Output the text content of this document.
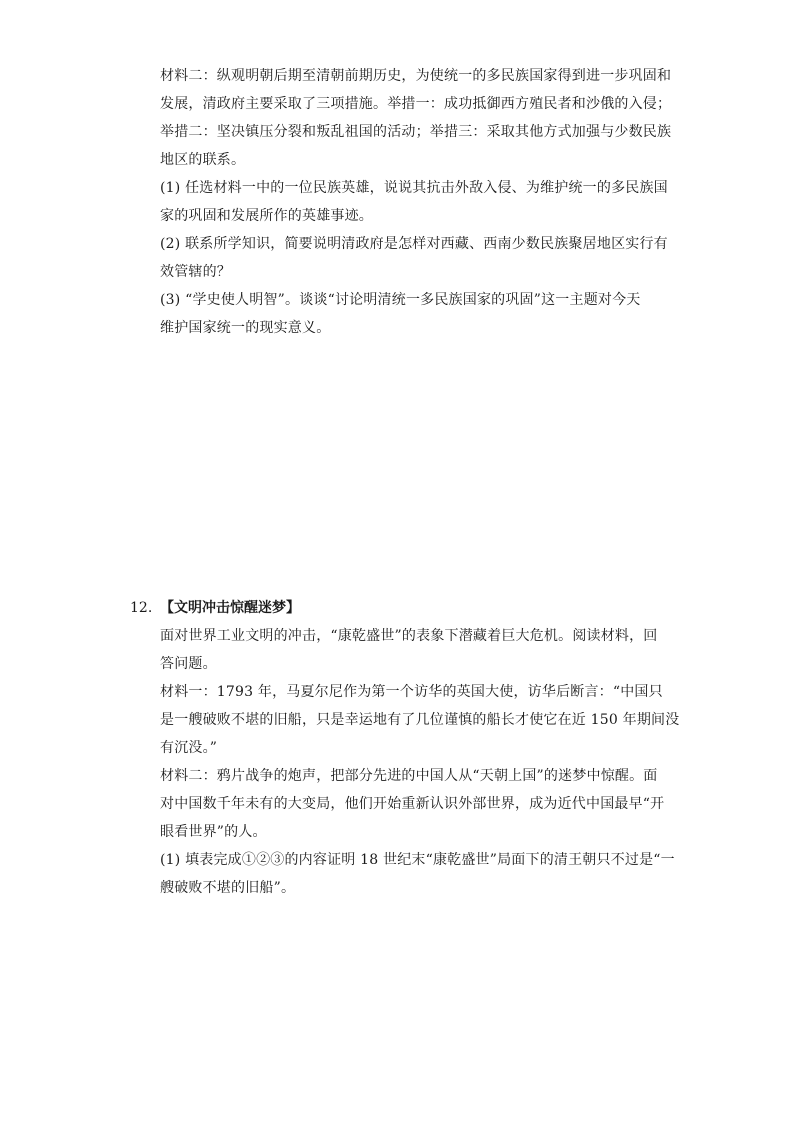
材料二：纵观明朝后期至清朝前期历史，为使统一的多民族国家得到进一步巩固和
发展，清政府主要采取了三项措施。举措一：成功抵御西方殖民者和沙俄的入侵；
举措二：坚决镇压分裂和叛乱祖国的活动；举措三：采取其他方式加强与少数民族
地区的联系。
(1) 任选材料一中的一位民族英雄，说说其抗击外敌入侵、为维护统一的多民族国
家的巩固和发展所作的英雄事迹。
(2) 联系所学知识，简要说明清政府是怎样对西藏、西南少数民族聚居地区实行有
效管辖的？
(3) “学史使人明智”。谈谈“讨论明清统一多民族国家的巩固”这一主题对今天
维护国家统一的现实意义。
12. 【文明冲击惊醒迷梦】
面对世界工业文明的冲击，“康乾盛世”的表象下潜藏着巨大危机。阅读材料，回
答问题。
材料一：1793 年，马夏尔尼作为第一个访华的英国大使，访华后断言：“中国只
是一艘破败不堪的旧船，只是幸运地有了几位谨慎的船长才使它在近 150 年期间没
有沉没。”
材料二：鸦片战争的炮声，把部分先进的中国人从“天朝上国”的迷梦中惊醒。面
对中国数千年未有的大变局，他们开始重新认识外部世界，成为近代中国最早“开
眼看世界”的人。
(1) 填表完成①②③的内容证明 18 世纪末“康乾盛世”局面下的清王朝只不过是“一
艘破败不堪的旧船”。
